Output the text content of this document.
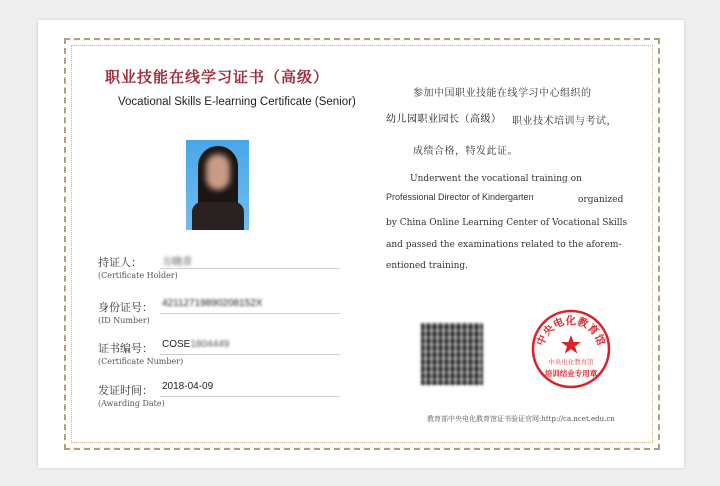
职业技能在线学习证书（高级）
Vocational Skills E-learning Certificate (Senior)
持证人：
(Certificate Holder)
方晓青
身份证号：
(ID Number)
42112719890208152X
证书编号：
(Certificate Number)
COSE1804449
发证时间：
(Awarding Date)
2018-04-09
参加中国职业技能在线学习中心组织的
幼儿园职业园长（高级） 职业技术培训与考试，
成绩合格，特发此证。
Underwent the vocational training on
Professional Director of Kindergarten	organized
by China Online Learning Center of Vocational Skills
and passed the examinations related to the aforem-
entioned training.
中央电化教育馆
中央电化教育馆
培训结业专用章
教育部中央电化教育馆证书验证官网:http://ca.ncet.edu.cn
